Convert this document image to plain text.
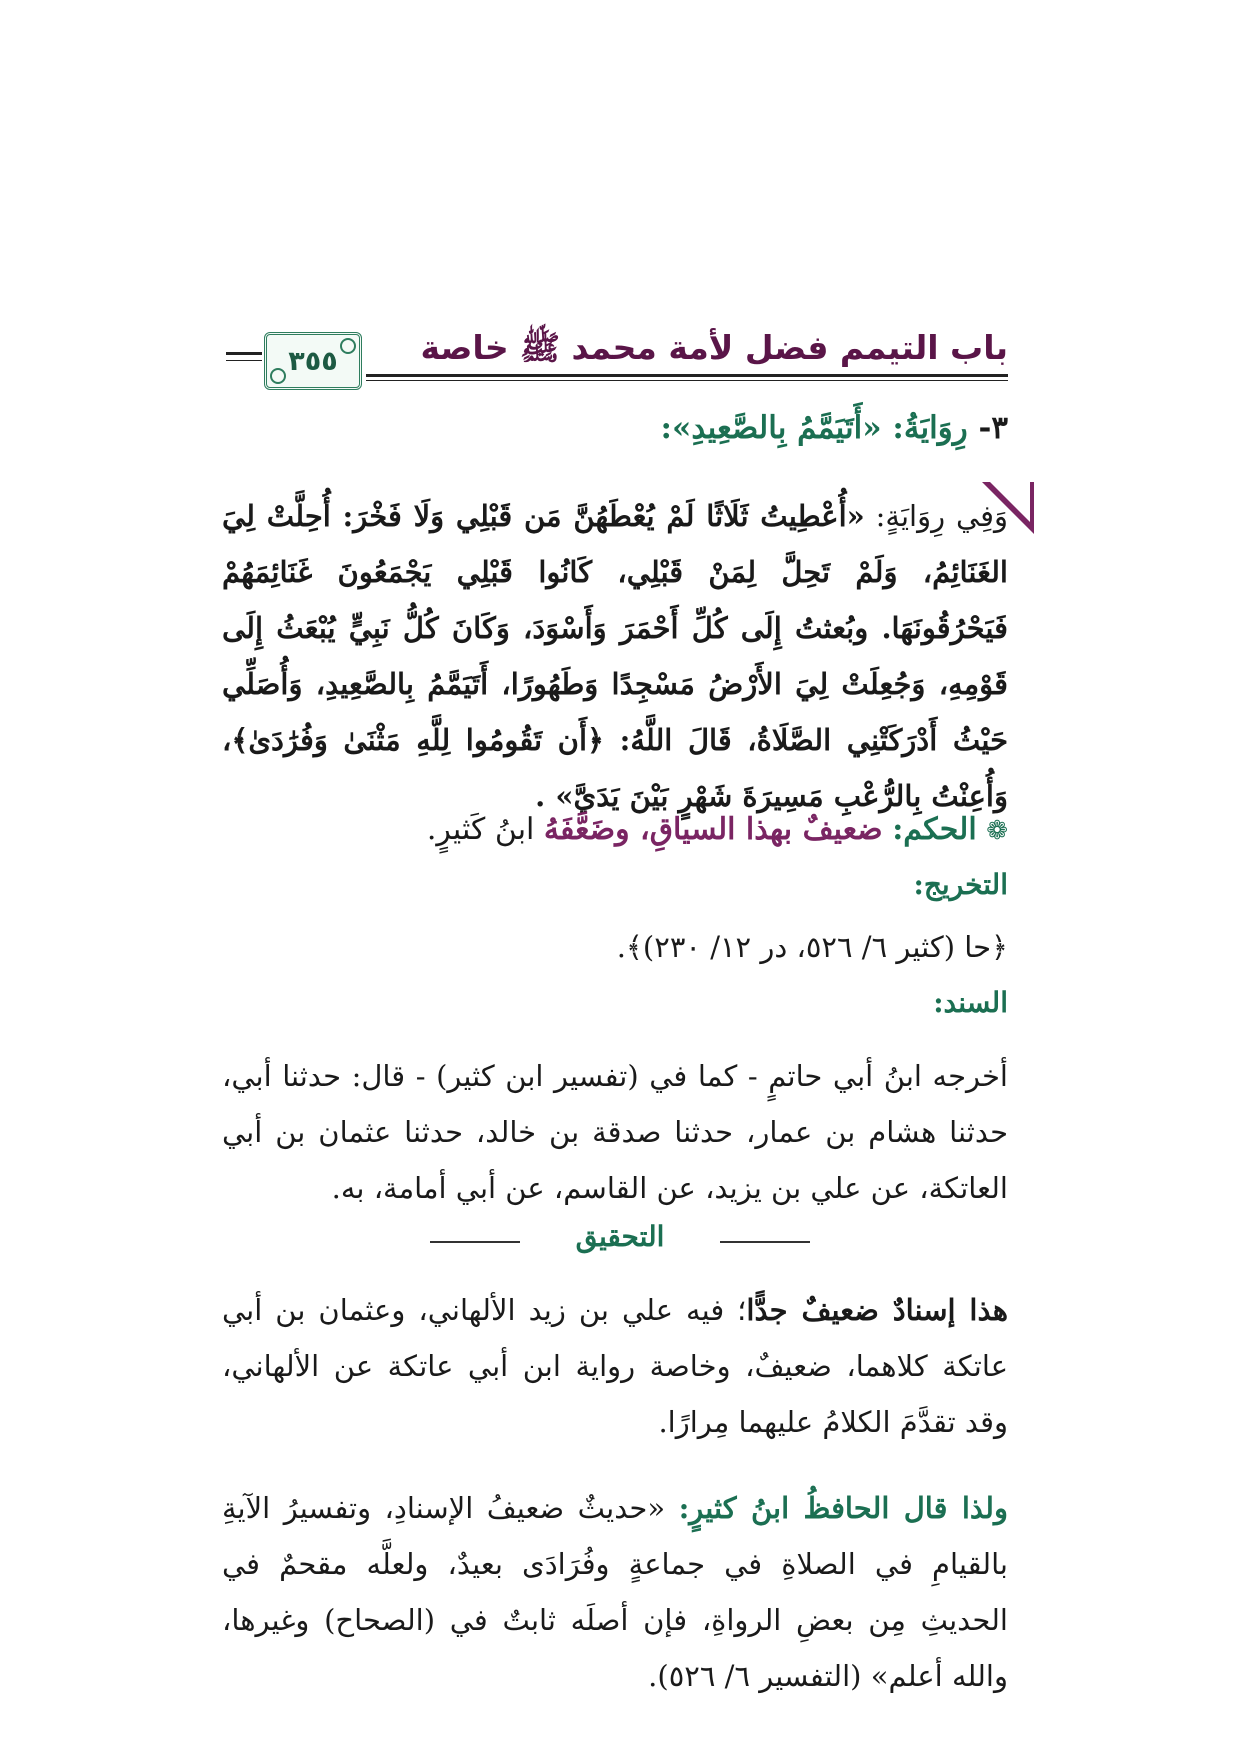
باب التيمم فضل لأمة محمد ﷺ خاصة
٣٥٥
٣- رِوَايَةُ: «أَتَيَمَّمُ بِالصَّعِيدِ»:
وَفِي رِوَايَةٍ: «أُعْطِيتُ ثَلَاثًا لَمْ يُعْطَهُنَّ مَن قَبْلِي وَلَا فَخْرَ: أُحِلَّتْ لِيَ الغَنَائِمُ، وَلَمْ تَحِلَّ لِمَنْ قَبْلِي، كَانُوا قَبْلِي يَجْمَعُونَ غَنَائِمَهُمْ فَيَحْرُقُونَهَا. وبُعثتُ إِلَى كُلِّ أَحْمَرَ وَأَسْوَدَ، وَكَانَ كُلُّ نَبِيٍّ يُبْعَثُ إِلَى قَوْمِهِ، وَجُعِلَتْ لِيَ الأَرْضُ مَسْجِدًا وَطَهُورًا، أَتَيَمَّمُ بِالصَّعِيدِ، وَأُصَلِّي حَيْثُ أَدْرَكَتْنِي الصَّلَاةُ، قَالَ اللَّهُ: ﴿أَن تَقُومُوا لِلَّهِ مَثْنَىٰ وَفُرَٰدَىٰ﴾، وَأُعِنْتُ بِالرُّعْبِ مَسِيرَةَ شَهْرٍ بَيْنَ يَدَيَّ» .
❁ الحكم: ضعيفٌ بهذا السياقِ، وضَعَّفَهُ ابنُ كَثيرٍ.
التخريج:
﴿حا (كثير ٦/ ٥٢٦، در ١٢/ ٢٣٠)﴾.
السند:
أخرجه ابنُ أبي حاتمٍ - كما في (تفسير ابن كثير) - قال: حدثنا أبي، حدثنا هشام بن عمار، حدثنا صدقة بن خالد، حدثنا عثمان بن أبي العاتكة، عن علي بن يزيد، عن القاسم، عن أبي أمامة، به.
التحقيق
هذا إسنادٌ ضعيفٌ جدًّا؛ فيه علي بن زيد الألهاني، وعثمان بن أبي عاتكة كلاهما، ضعيفٌ، وخاصة رواية ابن أبي عاتكة عن الألهاني، وقد تقدَّمَ الكلامُ عليهما مِرارًا.
ولذا قال الحافظُ ابنُ كثيرٍ: «حديثٌ ضعيفُ الإسنادِ، وتفسيرُ الآيةِ بالقيامِ في الصلاةِ في جماعةٍ وفُرَادَى بعيدٌ، ولعلَّه مقحمٌ في الحديثِ مِن بعضِ الرواةِ، فإن أصلَه ثابتٌ في (الصحاح) وغيرها، والله أعلم» (التفسير ٦/ ٥٢٦).
